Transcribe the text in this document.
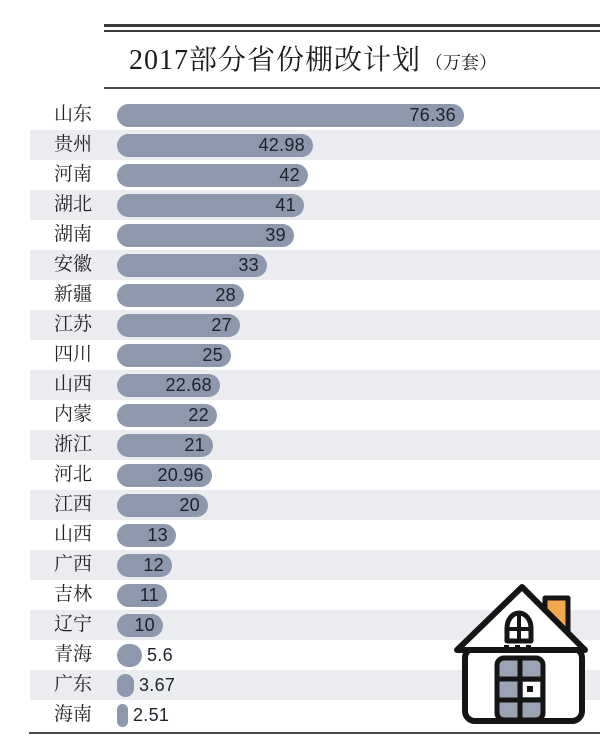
2017部分省份棚改计划 （万套）
山东	76.36
贵州	42.98
河南	42
湖北	41
湖南	39
安徽	33
新疆	28
江苏	27
四川	25
山西	22.68
内蒙	22
浙江	21
河北	20.96
江西	20
山西	13
广西	12
吉林	11
辽宁	10
青海	5.6
广东	3.67
海南	2.51
